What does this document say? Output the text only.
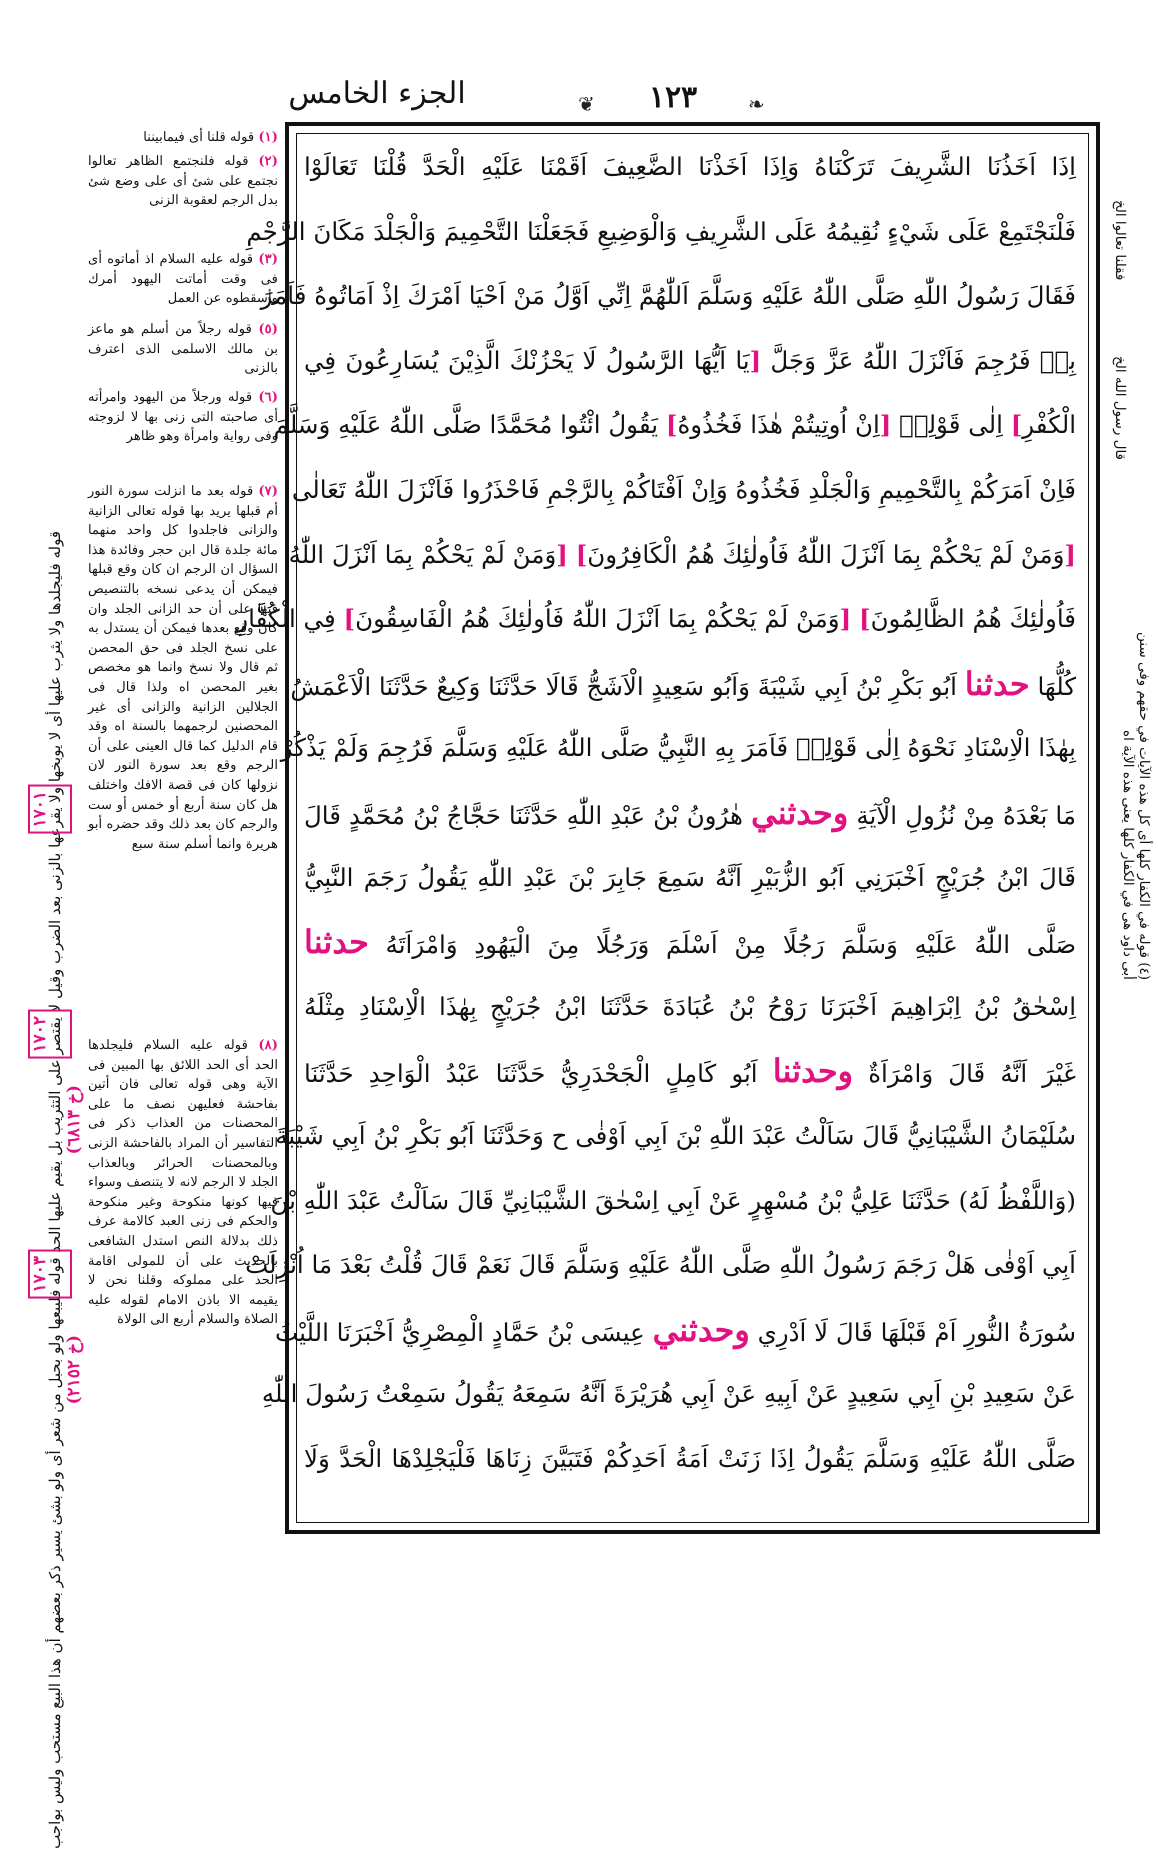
الجزء الخامس	❦	١٢٣	❧
اِذَا اَخَذُنَا الشَّرِيفَ تَرَكْنَاهُ وَاِذَا اَخَذْنَا الضَّعِيفَ اَقَمْنَا عَلَيْهِ الْحَدَّ قُلْنَا تَعَالَوْا
فَلْنَجْتَمِعْ عَلَى شَيْءٍ نُقِيمُهُ عَلَى الشَّرِيفِ وَالْوَضِيعِ فَجَعَلْنَا التَّحْمِيمَ وَالْجَلْدَ مَكَانَ الرَّجْمِ
فَقَالَ رَسُولُ اللّٰهِ صَلَّى اللّٰهُ عَلَيْهِ وَسَلَّمَ اَللّٰهُمَّ اِنِّي اَوَّلُ مَنْ اَحْيَا اَمْرَكَ اِذْ اَمَاتُوهُ فَاَمَرَ
بِهٖ فَرُجِمَ فَاَنْزَلَ اللّٰهُ عَزَّ وَجَلَّ [يَا اَيُّهَا الرَّسُولُ لَا يَحْزُنْكَ الَّذِيْنَ يُسَارِعُونَ فِي
الْكُفْرِ] اِلٰى قَوْلِهٖ [اِنْ اُوتِيتُمْ هٰذَا فَخُذُوهُ] يَقُولُ ائْتُوا مُحَمَّدًا صَلَّى اللّٰهُ عَلَيْهِ وَسَلَّمَ
فَاِنْ اَمَرَكُمْ بِالتَّحْمِيمِ وَالْجَلْدِ فَخُذُوهُ وَاِنْ اَفْتَاكُمْ بِالرَّجْمِ فَاحْذَرُوا فَاَنْزَلَ اللّٰهُ تَعَالٰى
[وَمَنْ لَمْ يَحْكُمْ بِمَا اَنْزَلَ اللّٰهُ فَاُولٰئِكَ هُمُ الْكَافِرُونَ] [وَمَنْ لَمْ يَحْكُمْ بِمَا اَنْزَلَ اللّٰهُ
فَاُولٰئِكَ هُمُ الظَّالِمُونَ] [وَمَنْ لَمْ يَحْكُمْ بِمَا اَنْزَلَ اللّٰهُ فَاُولٰئِكَ هُمُ الْفَاسِقُونَ] فِي الْكُفَّارِ
كُلُّهَا حدثنا اَبُو بَكْرِ بْنُ اَبِي شَيْبَةَ وَاَبُو سَعِيدٍ الْاَشَجُّ قَالَا حَدَّثَنَا وَكِيعٌ حَدَّثَنَا الْاَعْمَشُ
بِهٰذَا الْاِسْنَادِ نَحْوَهُ اِلٰى قَوْلِهٖ فَاَمَرَ بِهِ النَّبِيُّ صَلَّى اللّٰهُ عَلَيْهِ وَسَلَّمَ فَرُجِمَ وَلَمْ يَذْكُرْ
مَا بَعْدَهُ مِنْ نُزُولِ الْآيَةِ وحدثني هٰرُونُ بْنُ عَبْدِ اللّٰهِ حَدَّثَنَا حَجَّاجُ بْنُ مُحَمَّدٍ قَالَ
قَالَ ابْنُ جُرَيْجٍ اَخْبَرَنِي اَبُو الزُّبَيْرِ اَنَّهُ سَمِعَ جَابِرَ بْنَ عَبْدِ اللّٰهِ يَقُولُ رَجَمَ النَّبِيُّ
صَلَّى اللّٰهُ عَلَيْهِ وَسَلَّمَ رَجُلًا مِنْ اَسْلَمَ وَرَجُلًا مِنَ الْيَهُودِ وَامْرَاَتَهُ حدثنا
اِسْحٰقُ بْنُ اِبْرَاهِيمَ اَخْبَرَنَا رَوْحُ بْنُ عُبَادَةَ حَدَّثَنَا ابْنُ جُرَيْجٍ بِهٰذَا الْاِسْنَادِ مِثْلَهُ
غَيْرَ اَنَّهُ قَالَ وَامْرَاَةٌ وحدثنا اَبُو كَامِلٍ الْجَحْدَرِيُّ حَدَّثَنَا عَبْدُ الْوَاحِدِ حَدَّثَنَا
سُلَيْمَانُ الشَّيْبَانِيُّ قَالَ سَاَلْتُ عَبْدَ اللّٰهِ بْنَ اَبِي اَوْفٰى ح وَحَدَّثَنَا اَبُو بَكْرِ بْنُ اَبِي شَيْبَةَ
(وَاللَّفْظُ لَهُ) حَدَّثَنَا عَلِيُّ بْنُ مُسْهِرٍ عَنْ اَبِي اِسْحٰقَ الشَّيْبَانِيِّ قَالَ سَاَلْتُ عَبْدَ اللّٰهِ بْنَ
اَبِي اَوْفٰى هَلْ رَجَمَ رَسُولُ اللّٰهِ صَلَّى اللّٰهُ عَلَيْهِ وَسَلَّمَ قَالَ نَعَمْ قَالَ قُلْتُ بَعْدَ مَا اُنْزِلَتْ
سُورَةُ النُّورِ اَمْ قَبْلَهَا قَالَ لَا اَدْرِي وحدثني عِيسَى بْنُ حَمَّادٍ الْمِصْرِيُّ اَخْبَرَنَا اللَّيْثُ
عَنْ سَعِيدِ بْنِ اَبِي سَعِيدٍ عَنْ اَبِيهِ عَنْ اَبِي هُرَيْرَةَ اَنَّهُ سَمِعَهُ يَقُولُ سَمِعْتُ رَسُولَ اللّٰهِ
صَلَّى اللّٰهُ عَلَيْهِ وَسَلَّمَ يَقُولُ اِذَا زَنَتْ اَمَةُ اَحَدِكُمْ فَتَبَيَّنَ زِنَاهَا فَلْيَجْلِدْهَا الْحَدَّ وَلَا
فقلنا تعالوا الخ
قال رسول الله الخ
(٤) قوله في الكفار كلها أى كل هذه الآيات في حقهم وفى سنن أبى داود هى في الكفار كلها يعنى هذه الآية اه
(١) قوله قلنا أى فيمابيننا
(٢) قوله فلنجتمع الظاهر تعالوا نجتمع على شئ أى على وضع شئ بدل الرجم لعقوبة الزنى
(٣) قوله عليه السلام اذ أماتوه أى فى وقت أماتت اليهود أمرك وأسقطوه عن العمل
(٥) قوله رجلاً من أسلم هو ماعز بن مالك الاسلمى الذى اعترف بالزنى
(٦) قوله ورجلاً من اليهود وامرأته أى صاحبته التى زنى بها لا لزوجته وفى رواية وامرأة وهو ظاهر
(٧) قوله بعد ما انزلت سورة النور أم قبلها يريد بها قوله تعالى الزانية والزانى فاجلدوا كل واحد منهما مائة جلدة قال ابن حجر وفائدة هذا السؤال ان الرجم ان كان وقع قبلها فيمكن أن يدعى نسخه بالتنصيص فيها على أن حد الزانى الجلد وان كان وقع بعدها فيمكن أن يستدل به على نسخ الجلد فى حق المحصن ثم قال ولا نسخ وانما هو مخصص بغير المحصن اه ولذا قال فى الجلالين الزانية والزانى أى غير المحصنين لرجمهما بالسنة اه وقد قام الدليل كما قال العينى على أن الرجم وقع بعد سورة النور لان نزولها كان فى قصة الافك واختلف هل كان سنة أربع أو خمس أو ست والرجم كان بعد ذلك وقد حضره أبو هريرة وانما أسلم سنة سبع
(٨) قوله عليه السلام فليجلدها الحد أى الحد اللائق بها المبين فى الآية وهى قوله تعالى فان أتين بفاحشة فعليهن نصف ما على المحصنات من العذاب ذكر فى التفاسير أن المراد بالفاحشة الزنى وبالمحصنات الحرائر وبالعذاب الجلد لا الرجم لانه لا يتنصف وسواء فيها كونها منكوحة وغير منكوحة والحكم فى زنى العبد كالامة عرف ذلك بدلالة النص استدل الشافعى بالحديث على أن للمولى اقامة الحد على مملوكه وقلنا نحن لا يقيمه الا باذن الامام لقوله عليه الصلاة والسلام أربع الى الولاة
قوله فليجلدها ولا يثرب عليها أى لا يوبخها ولا يقرعها بالزنى بعد الضرب وقيل لا يقتصر على التثريب بل يقيم عليها الحد قوله فليبعها ولو بحبل من شعر أى ولو بشئ يسير ذكر بعضهم أن هذا البيع مستحب وليس بواجب
١٧٠١
١٧٠٢
(خ ٦٨١٣)
١٧٠٣
(خ ٢١٥٢)
